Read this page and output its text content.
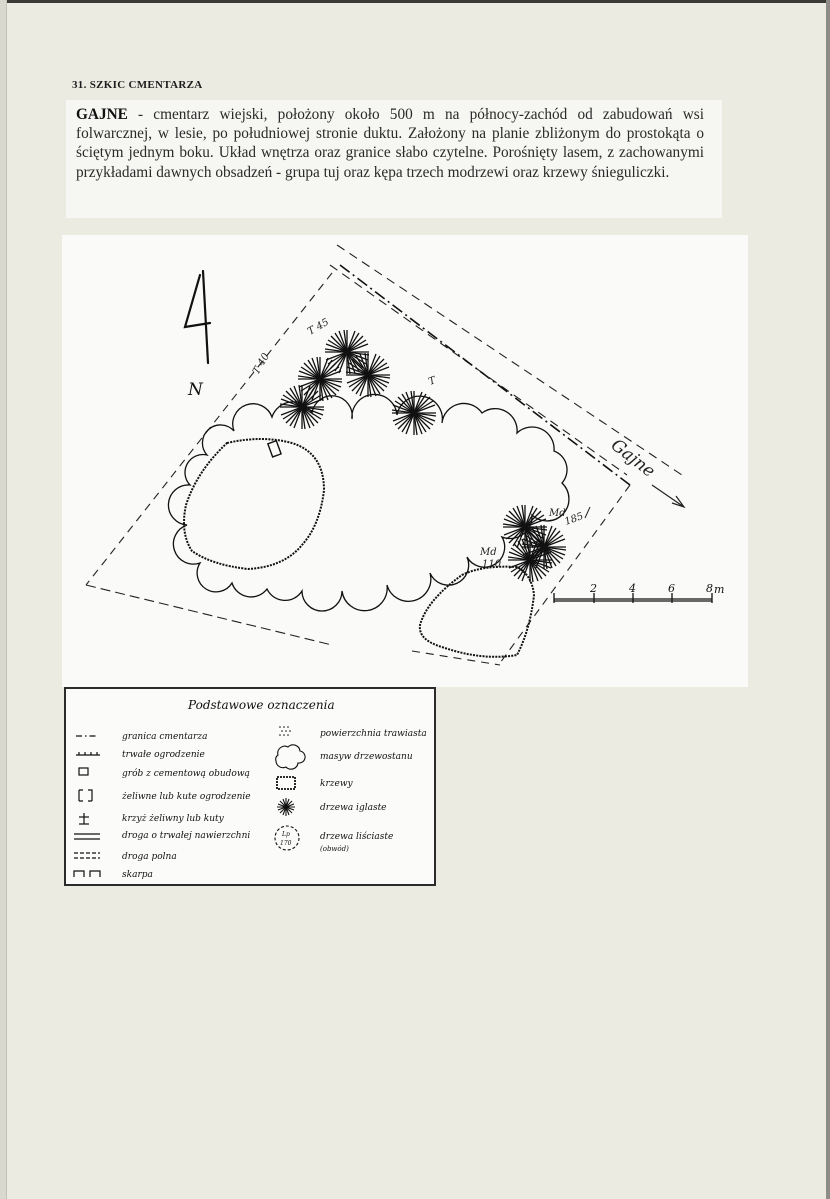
31. SZKIC CMENTARZA
GAJNE - cmentarz wiejski, położony około 500 m na północy-zachód od zabudowań wsi folwarcznej, w lesie, po południowej stronie duktu. Założony na planie zbliżonym do prostokąta o ściętym jednym boku. Układ wnętrza oraz granice słabo czytelne. Porośnięty lasem, z zachowanymi przykładami dawnych obsadzeń - grupa tuj oraz kępa trzech modrzewi oraz krzewy śnieguliczki.
Gajne
N
T 45
T 40
T
Md
185
Md
110
2	4	6	8 m
Podstawowe oznaczenia
granica cmentarza
trwałe ogrodzenie
grób z cementową obudową
żeliwne lub kute ogrodzenie
krzyż żeliwny lub kuty
droga o trwałej nawierzchni
droga polna
skarpa
Lp
170
powierzchnia trawiasta
masyw drzewostanu
krzewy
drzewa iglaste
drzewa liściaste
(obwód)
